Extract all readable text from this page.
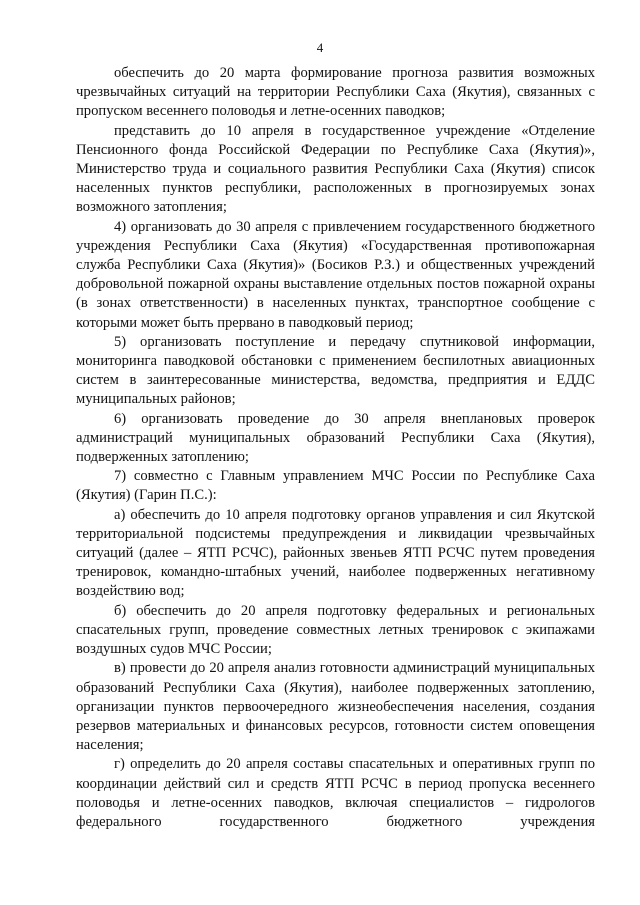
4

обеспечить до 20 марта формирование прогноза развития возможных чрезвычайных ситуаций на территории Республики Саха (Якутия), связанных с пропуском весеннего половодья и летне-осенних паводков;

представить до 10 апреля в государственное учреждение «Отделение Пенсионного фонда Российской Федерации по Республике Саха (Якутия)», Министерство труда и социального развития Республики Саха (Якутия) список населенных пунктов республики, расположенных в прогнозируемых зонах возможного затопления;

4) организовать до 30 апреля с привлечением государственного бюджетного учреждения Республики Саха (Якутия) «Государственная противопожарная служба Республики Саха (Якутия)» (Босиков Р.З.) и общественных учреждений добровольной пожарной охраны выставление отдельных постов пожарной охраны (в зонах ответственности) в населенных пунктах, транспортное сообщение с которыми может быть прервано в паводковый период;

5) организовать поступление и передачу спутниковой информации, мониторинга паводковой обстановки с применением беспилотных авиационных систем в заинтересованные министерства, ведомства, предприятия и ЕДДС муниципальных районов;

6) организовать проведение до 30 апреля внеплановых проверок администраций муниципальных образований Республики Саха (Якутия), подверженных затоплению;

7) совместно с Главным управлением МЧС России по Республике Саха (Якутия) (Гарин П.С.):

а) обеспечить до 10 апреля подготовку органов управления и сил Якутской территориальной подсистемы предупреждения и ликвидации чрезвычайных ситуаций (далее – ЯТП РСЧС), районных звеньев ЯТП РСЧС путем проведения тренировок, командно-штабных учений, наиболее подверженных негативному воздействию вод;

б) обеспечить до 20 апреля подготовку федеральных и региональных спасательных групп, проведение совместных летных тренировок с экипажами воздушных судов МЧС России;

в) провести до 20 апреля анализ готовности администраций муниципальных образований Республики Саха (Якутия), наиболее подверженных затоплению, организации пунктов первоочередного жизнеобеспечения населения, создания резервов материальных и финансовых ресурсов, готовности систем оповещения населения;

г) определить до 20 апреля составы спасательных и оперативных групп по координации действий сил и средств ЯТП РСЧС в период пропуска весеннего половодья и летне-осенних паводков, включая специалистов – гидрологов федерального государственного бюджетного учреждения
